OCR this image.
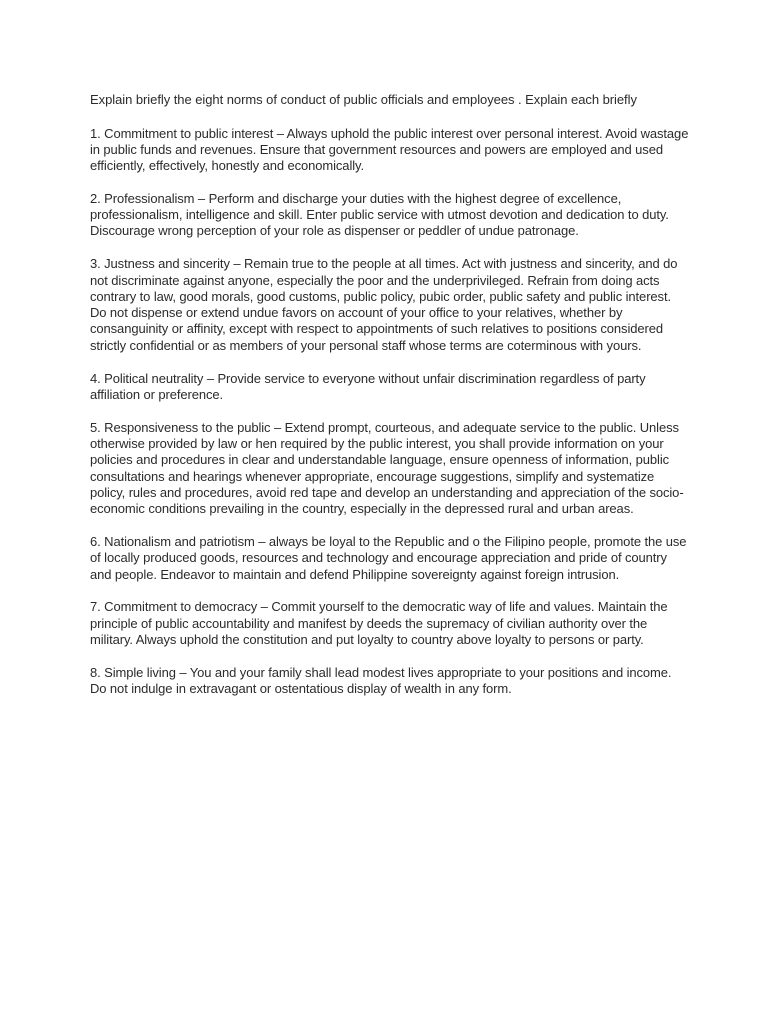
Explain briefly the eight norms of conduct of public officials and employees . Explain each briefly

1. Commitment to public interest – Always uphold the public interest over personal interest. Avoid wastage in public funds and revenues. Ensure that government resources and powers are employed and used efficiently, effectively, honestly and economically.

2. Professionalism – Perform and discharge your duties with the highest degree of excellence, professionalism, intelligence and skill. Enter public service with utmost devotion and dedication to duty. Discourage wrong perception of your role as dispenser or peddler of undue patronage.

3. Justness and sincerity – Remain true to the people at all times. Act with justness and sincerity, and do not discriminate against anyone, especially the poor and the underprivileged. Refrain from doing acts contrary to law, good morals, good customs, public policy, pubic order, public safety and public interest. Do not dispense or extend undue favors on account of your office to your relatives, whether by consanguinity or affinity, except with respect to appointments of such relatives to positions considered strictly confidential or as members of your personal staff whose terms are coterminous with yours.

4. Political neutrality – Provide service to everyone without unfair discrimination regardless of party affiliation or preference.

5. Responsiveness to the public – Extend prompt, courteous, and adequate service to the public. Unless otherwise provided by law or hen required by the public interest, you shall provide information on your policies and procedures in clear and understandable language, ensure openness of information, public consultations and hearings whenever appropriate, encourage suggestions, simplify and systematize policy, rules and procedures, avoid red tape and develop an understanding and appreciation of the socio-economic conditions prevailing in the country, especially in the depressed rural and urban areas.

6. Nationalism and patriotism – always be loyal to the Republic and o the Filipino people, promote the use of locally produced goods, resources and technology and encourage appreciation and pride of country and people. Endeavor to maintain and defend Philippine sovereignty against foreign intrusion.

7. Commitment to democracy – Commit yourself to the democratic way of life and values. Maintain the principle of public accountability and manifest by deeds the supremacy of civilian authority over the military. Always uphold the constitution and put loyalty to country above loyalty to persons or party.

8. Simple living – You and your family shall lead modest lives appropriate to your positions and income. Do not indulge in extravagant or ostentatious display of wealth in any form.
